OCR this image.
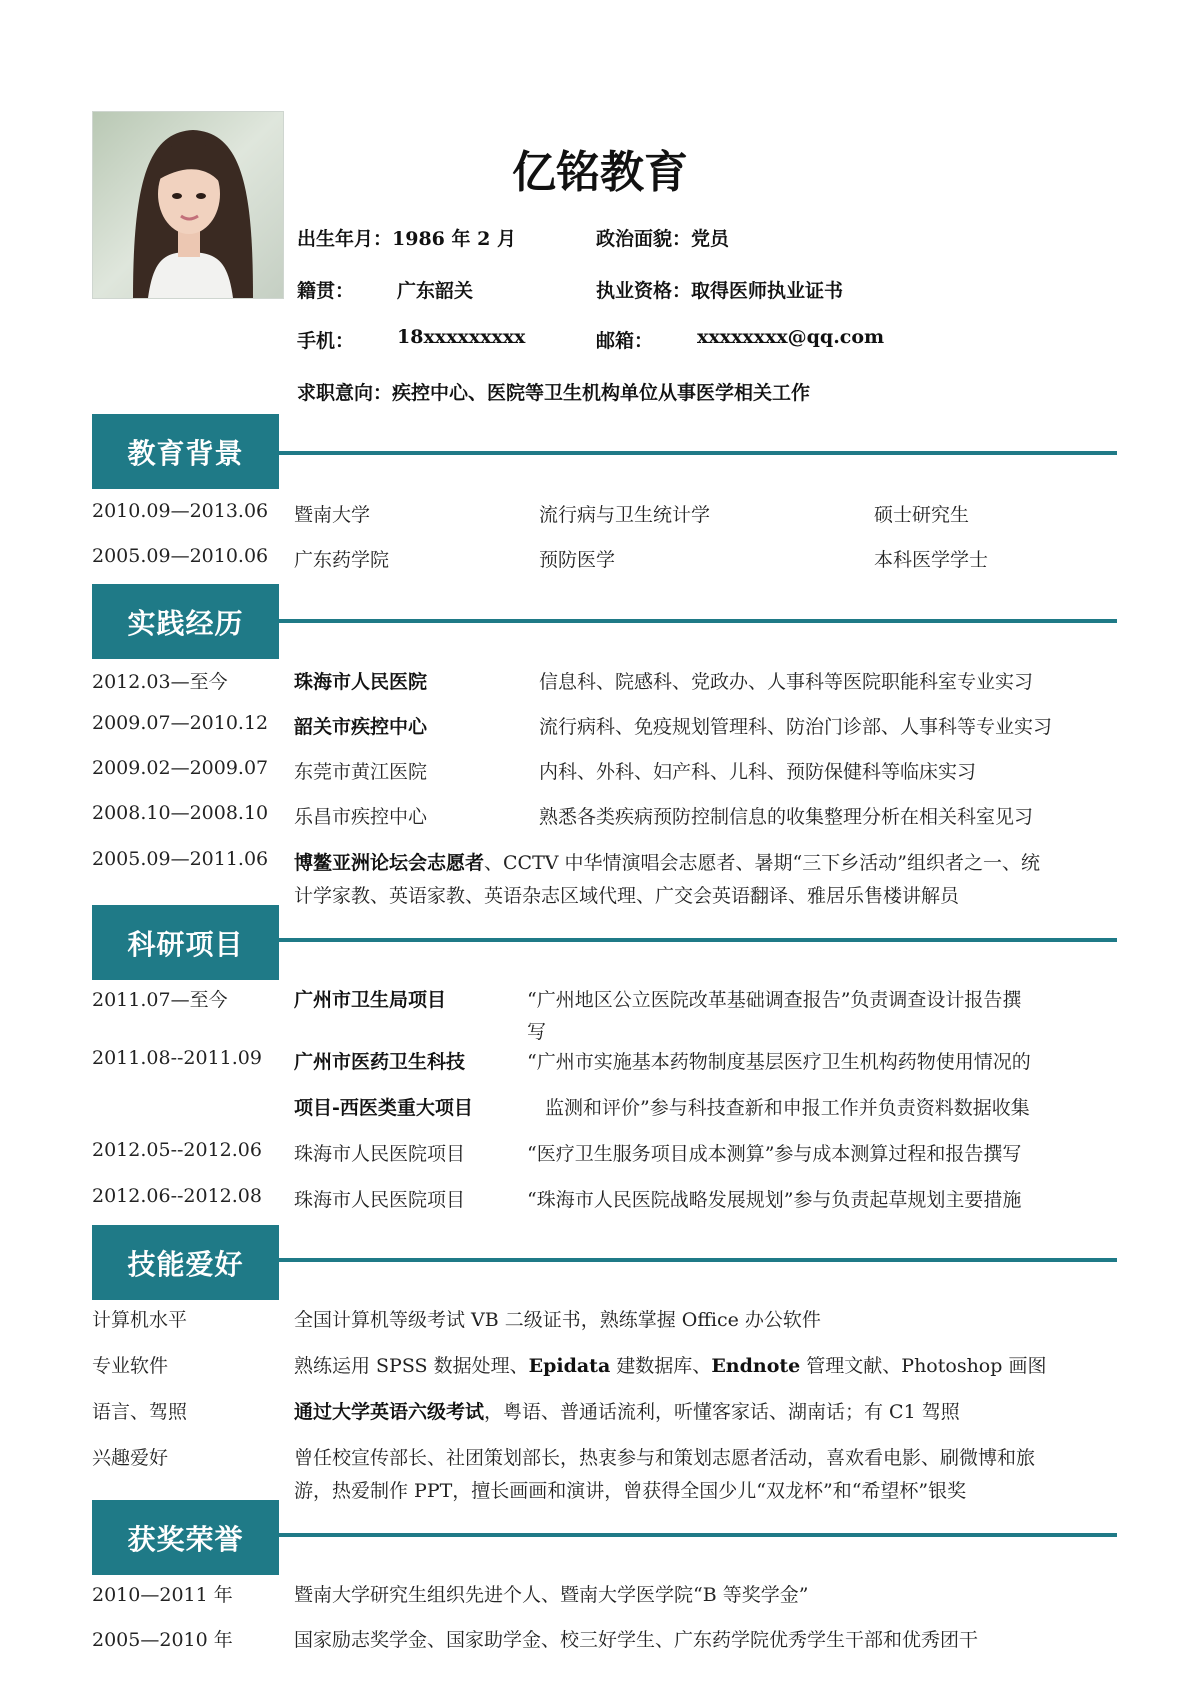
亿铭教育
出生年月：1986 年 2 月	政治面貌：党员
籍贯： 广东韶关	执业资格：取得医师执业证书
手机： 18xxxxxxxxx	邮箱： xxxxxxxx@qq.com
求职意向：疾控中心、医院等卫生机构单位从事医学相关工作
教育背景
2010.09—2013.06 暨南大学	流行病与卫生统计学	硕士研究生
2005.09—2010.06 广东药学院	预防医学	本科医学学士
实践经历
2012.03—至今	珠海市人民医院	信息科、院感科、党政办、人事科等医院职能科室专业实习
2009.07—2010.12 韶关市疾控中心	流行病科、免疫规划管理科、防治门诊部、人事科等专业实习
2009.02—2009.07 东莞市黄江医院	内科、外科、妇产科、儿科、预防保健科等临床实习
2008.10—2008.10 乐昌市疾控中心	熟悉各类疾病预防控制信息的收集整理分析在相关科室见习
2005.09—2011.06 博鳌亚洲论坛会志愿者、CCTV 中华情演唱会志愿者、暑期“三下乡活动”组织者之一、统
计学家教、英语家教、英语杂志区域代理、广交会英语翻译、雅居乐售楼讲解员
科研项目
2011.07—至今	广州市卫生局项目	“广州地区公立医院改革基础调查报告”负责调查设计报告撰
写
2011.08--2011.09 广州市医药卫生科技	“广州市实施基本药物制度基层医疗卫生机构药物使用情况的
项目-西医类重大项目	监测和评价”参与科技查新和申报工作并负责资料数据收集
2012.05--2012.06 珠海市人民医院项目	“医疗卫生服务项目成本测算”参与成本测算过程和报告撰写
2012.06--2012.08 珠海市人民医院项目	“珠海市人民医院战略发展规划”参与负责起草规划主要措施
技能爱好
计算机水平	全国计算机等级考试 VB 二级证书，熟练掌握 Office 办公软件
专业软件	熟练运用 SPSS 数据处理、Epidata 建数据库、Endnote 管理文献、Photoshop 画图
语言、驾照	通过大学英语六级考试，粤语、普通话流利，听懂客家话、湖南话；有 C1 驾照
兴趣爱好	曾任校宣传部长、社团策划部长，热衷参与和策划志愿者活动，喜欢看电影、刷微博和旅
游，热爱制作 PPT，擅长画画和演讲，曾获得全国少儿“双龙杯”和“希望杯”银奖
获奖荣誉
2010—2011 年	暨南大学研究生组织先进个人、暨南大学医学院“B 等奖学金”
2005—2010 年	国家励志奖学金、国家助学金、校三好学生、广东药学院优秀学生干部和优秀团干
